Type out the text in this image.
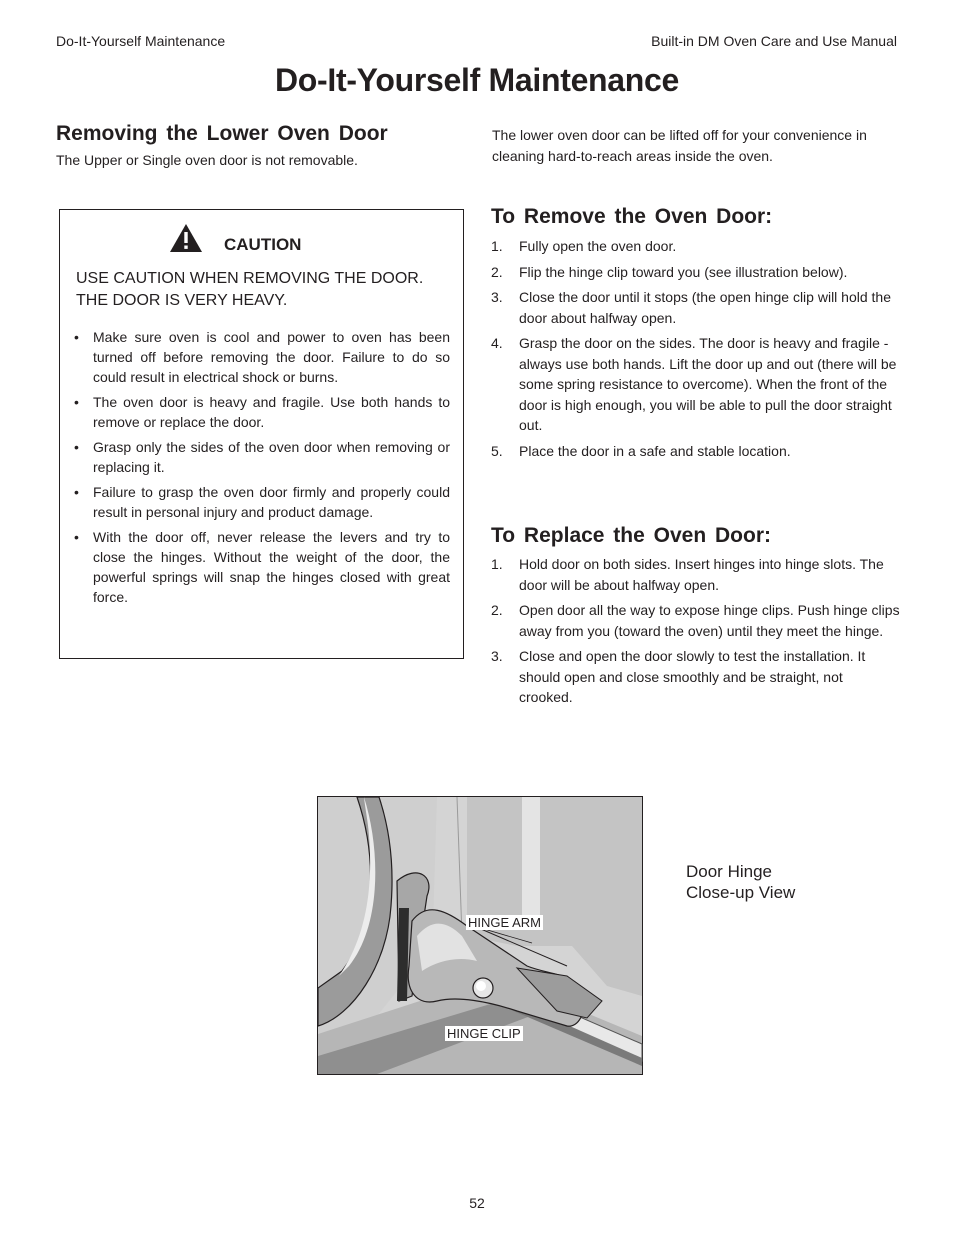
Do-It-Yourself Maintenance	Built-in DM Oven Care and Use Manual
Do-It-Yourself Maintenance
Removing the Lower Oven Door
The Upper or Single oven door is not removable.
The lower oven door can be lifted off for your convenience in cleaning hard-to-reach areas inside the oven.
CAUTION
USE CAUTION WHEN REMOVING THE DOOR. THE DOOR IS VERY HEAVY.
• Make sure oven is cool and power to oven has been turned off before removing the door. Failure to do so could result in electrical shock or burns.
• The oven door is heavy and fragile. Use both hands to remove or replace the door.
• Grasp only the sides of the oven door when removing or replacing it.
• Failure to grasp the oven door firmly and properly could result in personal injury and product damage.
• With the door off, never release the levers and try to close the hinges. Without the weight of the door, the powerful springs will snap the hinges closed with great force.
To Remove the Oven Door:
1. Fully open the oven door.
2. Flip the hinge clip toward you (see illustration below).
3. Close the door until it stops (the open hinge clip will hold the door about halfway open.
4. Grasp the door on the sides. The door is heavy and fragile - always use both hands. Lift the door up and out (there will be some spring resistance to overcome). When the front of the door is high enough, you will be able to pull the door straight out.
5. Place the door in a safe and stable location.
To Replace the Oven Door:
1. Hold door on both sides. Insert hinges into hinge slots. The door will be about halfway open.
2. Open door all the way to expose hinge clips. Push hinge clips away from you (toward the oven) until they meet the hinge.
3. Close and open the door slowly to test the installation. It should open and close smoothly and be straight, not crooked.
HINGE ARM
HINGE CLIP
Door Hinge
Close-up View
52
